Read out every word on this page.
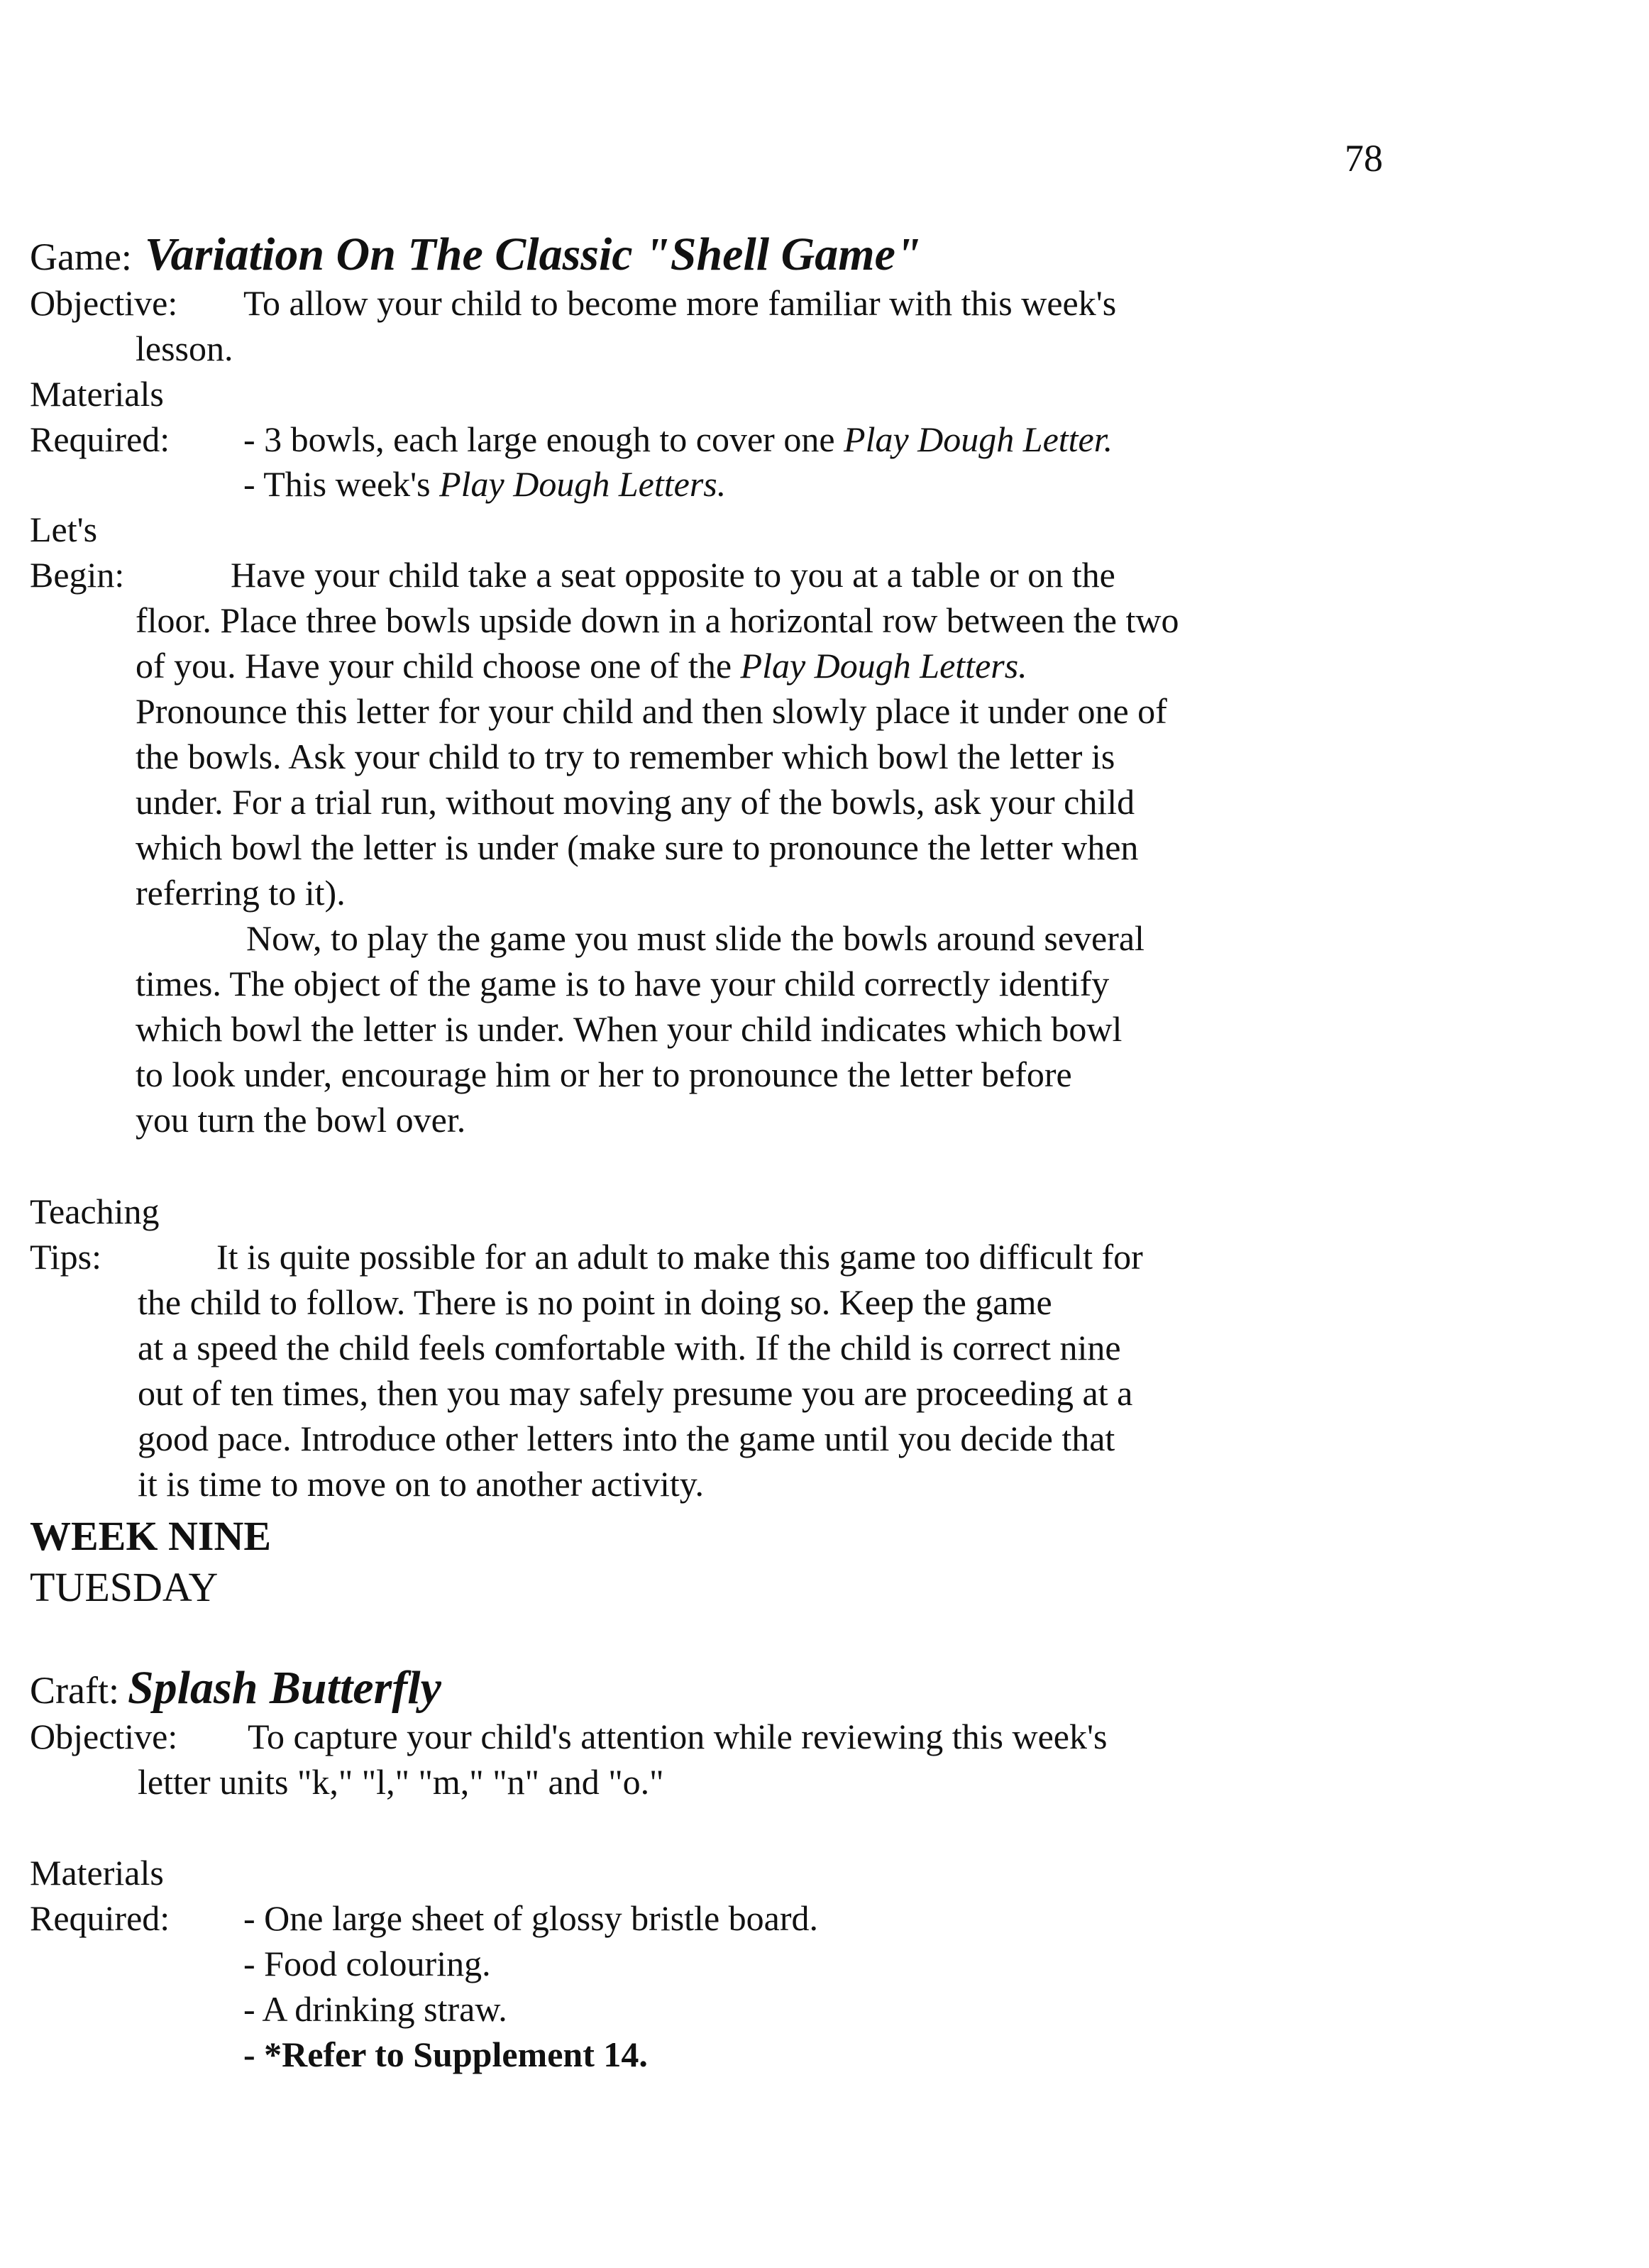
78
Game: Variation On The Classic "Shell Game"
Objective: To allow your child to become more familiar with this week's
lesson.
Materials
Required: - 3 bowls, each large enough to cover one Play Dough Letter.
- This week's Play Dough Letters.
Let's
Begin:	Have your child take a seat opposite to you at a table or on the
floor. Place three bowls upside down in a horizontal row between the two
of you. Have your child choose one of the Play Dough Letters.
Pronounce this letter for your child and then slowly place it under one of
the bowls. Ask your child to try to remember which bowl the letter is
under. For a trial run, without moving any of the bowls, ask your child
which bowl the letter is under (make sure to pronounce the letter when
referring to it).
Now, to play the game you must slide the bowls around several
times. The object of the game is to have your child correctly identify
which bowl the letter is under. When your child indicates which bowl
to look under, encourage him or her to pronounce the letter before
you turn the bowl over.
Teaching
Tips:	It is quite possible for an adult to make this game too difficult for
the child to follow. There is no point in doing so. Keep the game
at a speed the child feels comfortable with. If the child is correct nine
out of ten times, then you may safely presume you are proceeding at a
good pace. Introduce other letters into the game until you decide that
it is time to move on to another activity.
WEEK NINE
TUESDAY
Craft: Splash Butterfly
Objective: To capture your child's attention while reviewing this week's
letter units "k," "l," "m," "n" and "o."
Materials
Required: - One large sheet of glossy bristle board.
- Food colouring.
- A drinking straw.
- *Refer to Supplement 14.
